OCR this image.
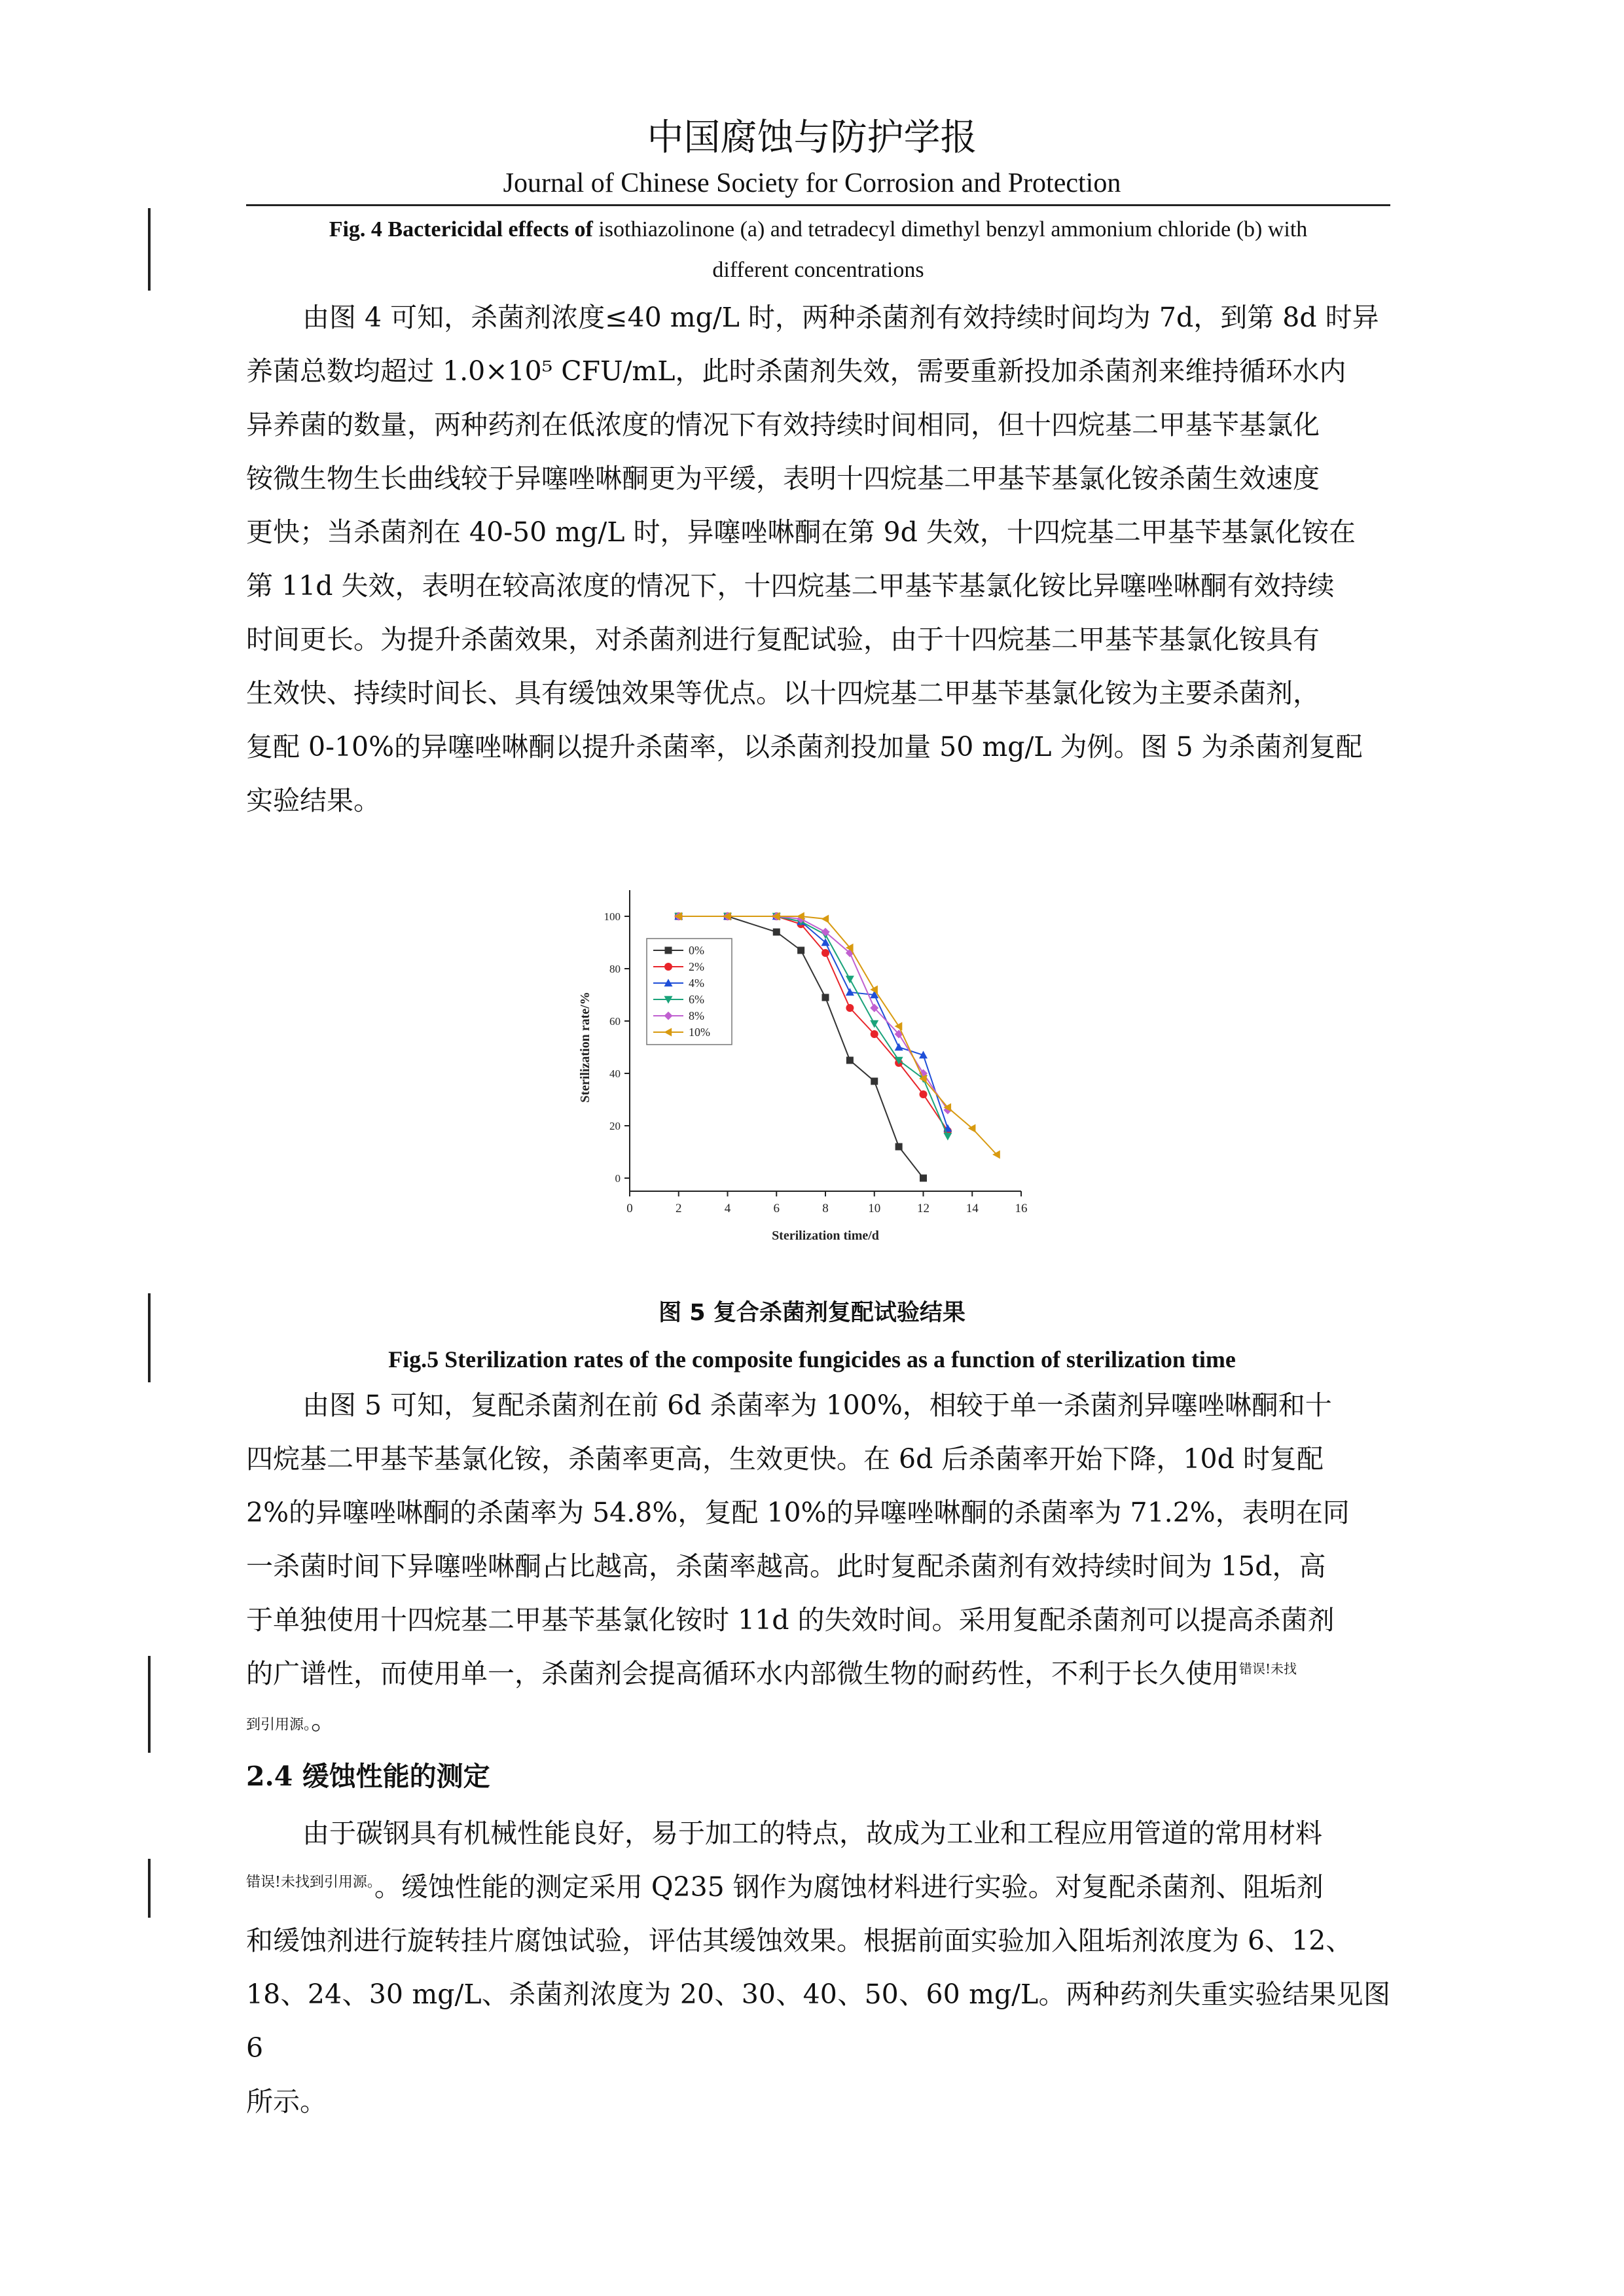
中国腐蚀与防护学报
Journal of Chinese Society for Corrosion and Protection
Fig. 4 Bactericidal effects of isothiazolinone (a) and tetradecyl dimethyl benzyl ammonium chloride (b) with
different concentrations
由图 4 可知，杀菌剂浓度≤40 mg/L 时，两种杀菌剂有效持续时间均为 7d，到第 8d 时异
养菌总数均超过 1.0×10⁵ CFU/mL，此时杀菌剂失效，需要重新投加杀菌剂来维持循环水内
异养菌的数量，两种药剂在低浓度的情况下有效持续时间相同，但十四烷基二甲基苄基氯化
铵微生物生长曲线较于异噻唑啉酮更为平缓，表明十四烷基二甲基苄基氯化铵杀菌生效速度
更快；当杀菌剂在 40-50 mg/L 时，异噻唑啉酮在第 9d 失效，十四烷基二甲基苄基氯化铵在
第 11d 失效，表明在较高浓度的情况下，十四烷基二甲基苄基氯化铵比异噻唑啉酮有效持续
时间更长。为提升杀菌效果，对杀菌剂进行复配试验，由于十四烷基二甲基苄基氯化铵具有
生效快、持续时间长、具有缓蚀效果等优点。以十四烷基二甲基苄基氯化铵为主要杀菌剂，
复配 0-10%的异噻唑啉酮以提升杀菌率，以杀菌剂投加量 50 mg/L 为例。图 5 为杀菌剂复配
实验结果。
0	2	4	6	8	10	12	14	16
0
20
40
60
80
100
Sterilization time/d
Sterilization rate/%
0%
2%
4%
6%
8%
10%
图 5 复合杀菌剂复配试验结果
Fig.5 Sterilization rates of the composite fungicides as a function of sterilization time
由图 5 可知，复配杀菌剂在前 6d 杀菌率为 100%，相较于单一杀菌剂异噻唑啉酮和十
四烷基二甲基苄基氯化铵，杀菌率更高，生效更快。在 6d 后杀菌率开始下降，10d 时复配
2%的异噻唑啉酮的杀菌率为 54.8%，复配 10%的异噻唑啉酮的杀菌率为 71.2%，表明在同
一杀菌时间下异噻唑啉酮占比越高，杀菌率越高。此时复配杀菌剂有效持续时间为 15d，高
于单独使用十四烷基二甲基苄基氯化铵时 11d 的失效时间。采用复配杀菌剂可以提高杀菌剂
的广谱性，而使用单一，杀菌剂会提高循环水内部微生物的耐药性，不利于长久使用$^{错误!未找}$
到引用源。。
2.4 缓蚀性能的测定
由于碳钢具有机械性能良好，易于加工的特点，故成为工业和工程应用管道的常用材料
$^{错误!未找到引用源。}$。缓蚀性能的测定采用 Q235 钢作为腐蚀材料进行实验。对复配杀菌剂、阻垢剂
和缓蚀剂进行旋转挂片腐蚀试验，评估其缓蚀效果。根据前面实验加入阻垢剂浓度为 6、12、
18、24、30 mg/L、杀菌剂浓度为 20、30、40、50、60 mg/L。两种药剂失重实验结果见图 6
所示。
